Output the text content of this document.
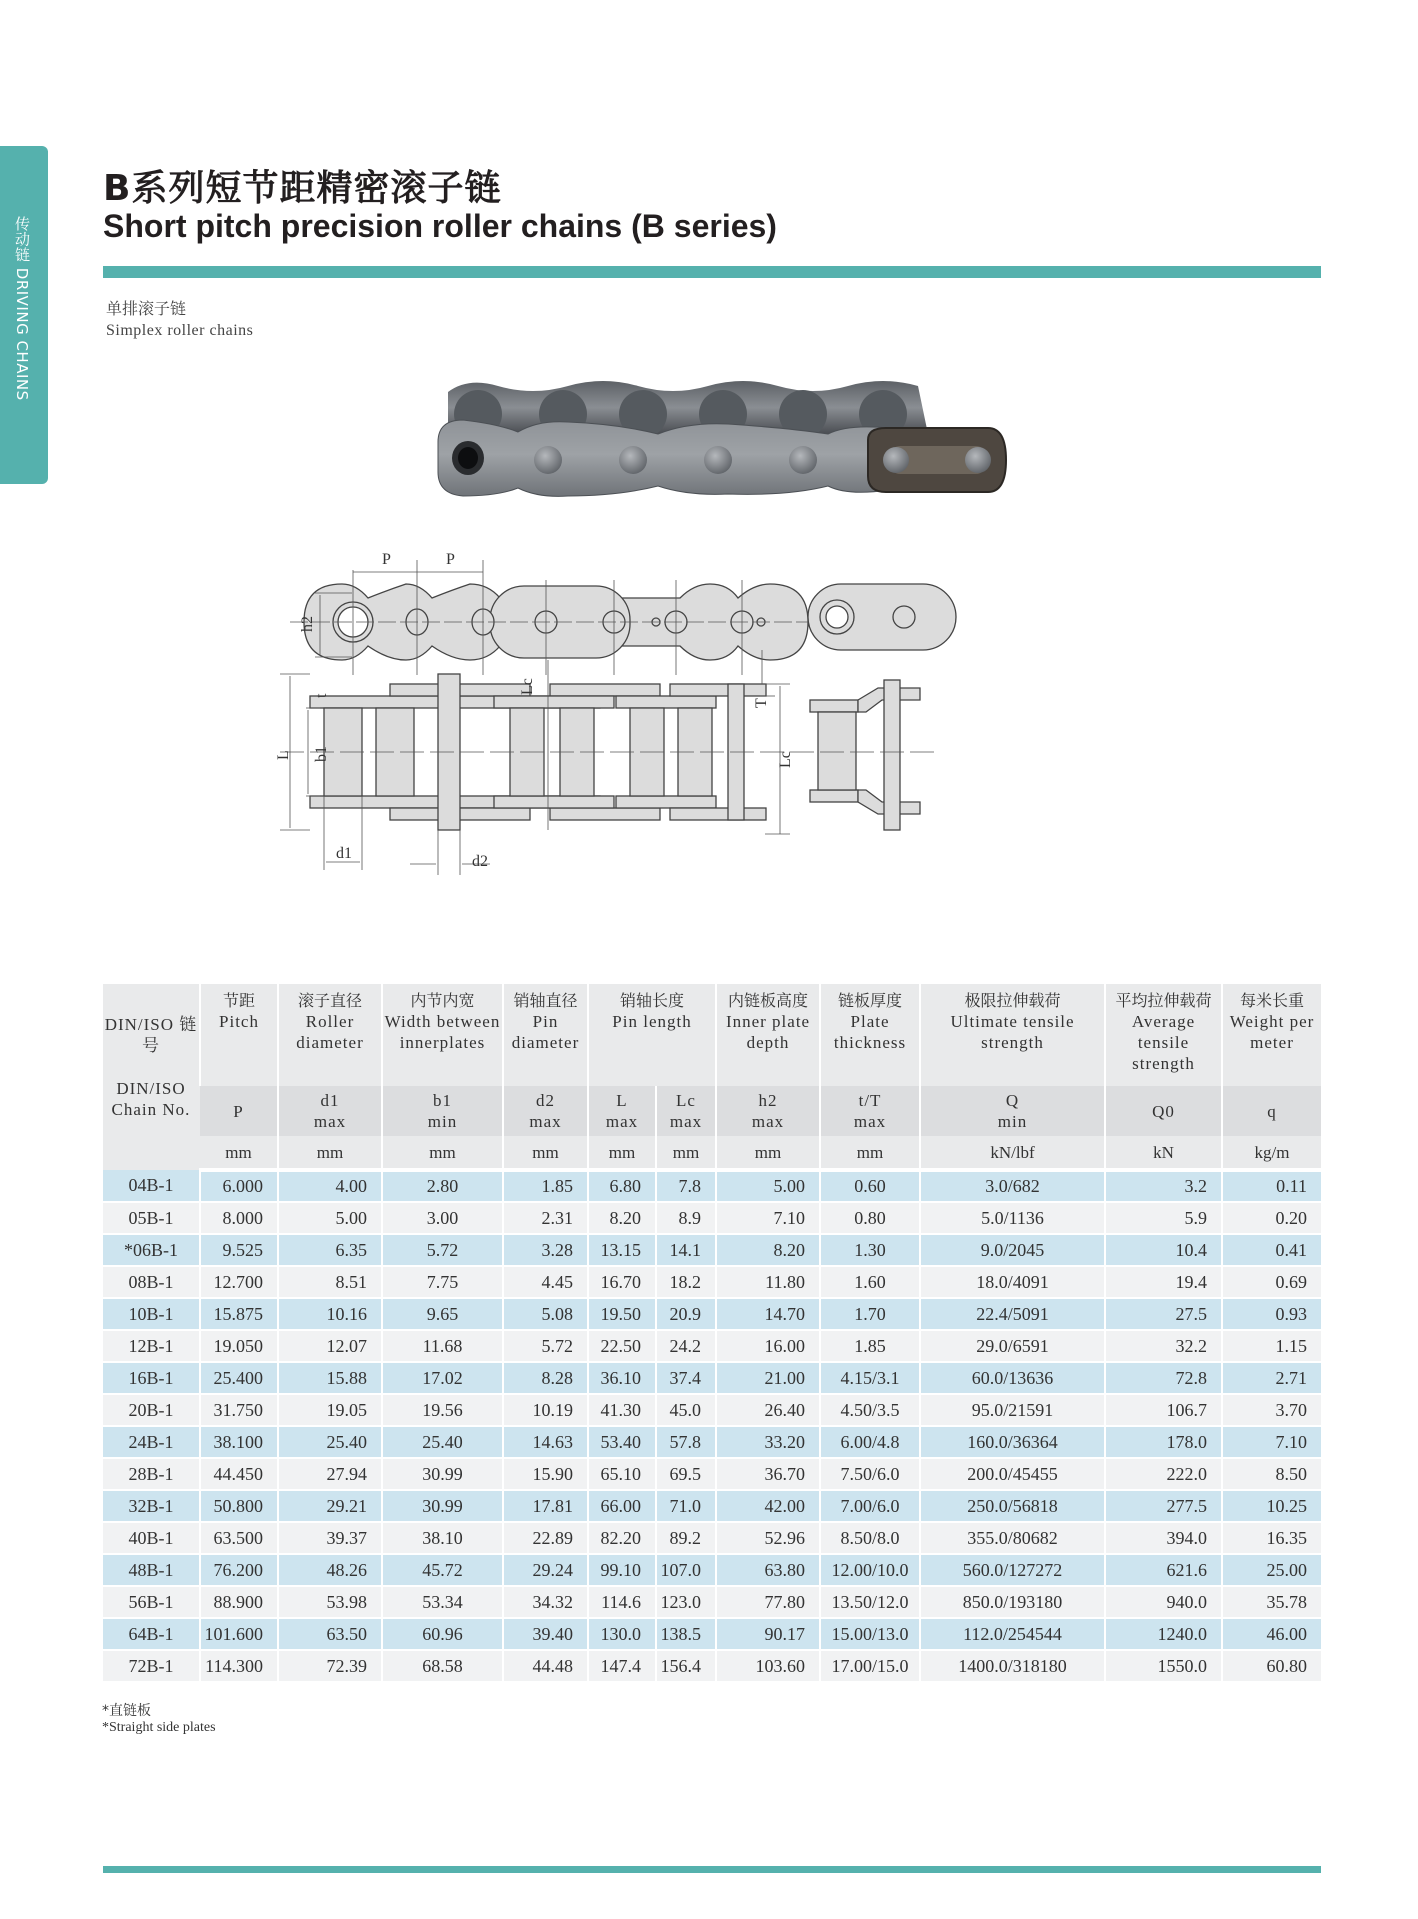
传动链 DRIVING CHAINS
B系列短节距精密滚子链
Short pitch precision roller chains (B series)
单排滚子链
Simplex roller chains
P	P
h2
L b1
t
Lc
T
Lc
d1	d2
DIN/ISO 链号
DIN/ISO Chain No.

节距
Pitch

滚子直径
Roller diameter

内节内宽
Width between innerplates

销轴直径
Pin diameter

销轴长度
Pin length

内链板高度
Inner plate depth

链板厚度
Plate thickness

极限拉伸载荷
Ultimate tensile strength

平均拉伸载荷
Average tensile strength

每米长重
Weight per meter

P

d1
max

b1
min

d2
max

L
max

Lc
max

h2
max

t/T
max

Q
min

Q0	q

mm	mm	mm	mm	mm	mm	mm	mm	kN/lbf	kN	kg/m
04B-1	6.000	4.00	2.80	1.85	6.80	7.8	5.00	0.60	3.0/682	3.2	0.11
05B-1	8.000	5.00	3.00	2.31	8.20	8.9	7.10	0.80	5.0/1136	5.9	0.20
*06B-1	9.525	6.35	5.72	3.28	13.15	14.1	8.20	1.30	9.0/2045	10.4	0.41
08B-1	12.700	8.51	7.75	4.45	16.70	18.2	11.80	1.60	18.0/4091	19.4	0.69
10B-1	15.875	10.16	9.65	5.08	19.50	20.9	14.70	1.70	22.4/5091	27.5	0.93
12B-1	19.050	12.07	11.68	5.72	22.50	24.2	16.00	1.85	29.0/6591	32.2	1.15
16B-1	25.400	15.88	17.02	8.28	36.10	37.4	21.00	4.15/3.1	60.0/13636	72.8	2.71
20B-1	31.750	19.05	19.56	10.19	41.30	45.0	26.40	4.50/3.5	95.0/21591	106.7	3.70
24B-1	38.100	25.40	25.40	14.63	53.40	57.8	33.20	6.00/4.8	160.0/36364	178.0	7.10
28B-1	44.450	27.94	30.99	15.90	65.10	69.5	36.70	7.50/6.0	200.0/45455	222.0	8.50
32B-1	50.800	29.21	30.99	17.81	66.00	71.0	42.00	7.00/6.0	250.0/56818	277.5	10.25
40B-1	63.500	39.37	38.10	22.89	82.20	89.2	52.96	8.50/8.0	355.0/80682	394.0	16.35
48B-1	76.200	48.26	45.72	29.24	99.10	107.0	63.80	12.00/10.0	560.0/127272	621.6	25.00
56B-1	88.900	53.98	53.34	34.32	114.6	123.0	77.80	13.50/12.0	850.0/193180	940.0	35.78
64B-1	101.600	63.50	60.96	39.40	130.0	138.5	90.17	15.00/13.0	112.0/254544	1240.0	46.00
72B-1	114.300	72.39	68.58	44.48	147.4	156.4	103.60	17.00/15.0	1400.0/318180	1550.0	60.80
*直链板
*Straight side plates
